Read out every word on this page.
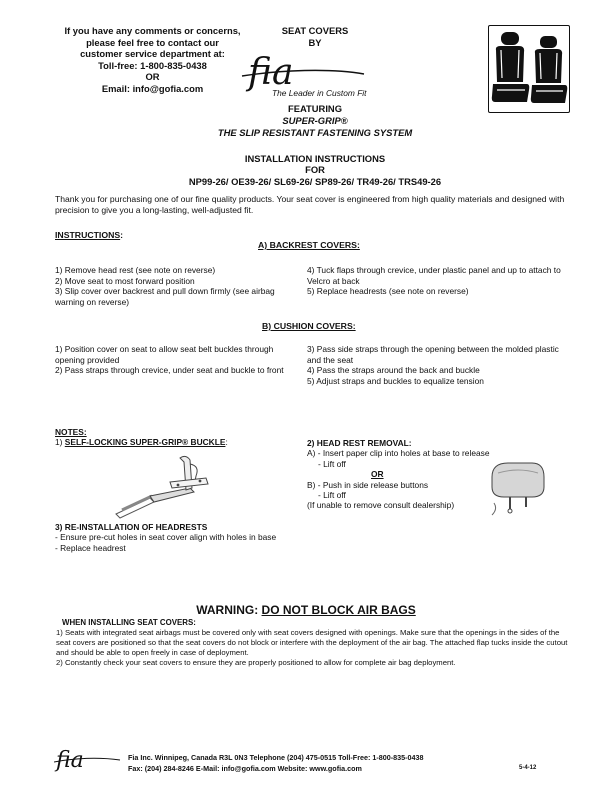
If you have any comments or concerns,
please feel free to contact our
customer service department at:
Toll-free: 1-800-835-0438
OR
Email: info@gofia.com
SEAT COVERS
BY
fia
The Leader in Custom Fit
FEATURING
SUPER-GRIP®
THE SLIP RESISTANT FASTENING SYSTEM
INSTALLATION INSTRUCTIONS
FOR
NP99-26/ OE39-26/ SL69-26/ SP89-26/ TR49-26/ TRS49-26
Thank you for purchasing one of our fine quality products. Your seat cover is engineered from high quality materials and designed with precision to give you a long-lasting, well-adjusted fit.
INSTRUCTIONS:
A) BACKREST COVERS:

1) Remove head rest (see note on reverse)

2) Move seat to most forward position

3) Slip cover over backrest and pull down firmly (see airbag warning on reverse)

4) Tuck flaps through crevice, under plastic panel and up to attach to Velcro at back

5) Replace headrests (see note on reverse)

B) CUSHION COVERS:

1) Position cover on seat to allow seat belt buckles through opening provided

2) Pass straps through crevice, under seat and buckle to front

3) Pass side straps through the opening between the molded plastic and the seat

4) Pass the straps around the back and buckle

5) Adjust straps and buckles to equalize tension

NOTES:

1) SELF-LOCKING SUPER-GRIP® BUCKLE:	2) HEAD REST REMOVAL:

A) - Insert paper clip into holes at base to release

- Lift off

OR

B) - Push in side release buttons

- Lift off

(If unable to remove consult dealership)

3) RE-INSTALLATION OF HEADRESTS

- Ensure pre-cut holes in seat cover align with holes in base

- Replace headrest

WARNING: DO NOT BLOCK AIR BAGS

WHEN INSTALLING SEAT COVERS:

1) Seats with integrated seat airbags must be covered only with seat covers designed with openings. Make sure that the openings in the sides of the seat covers are positioned so that the seat covers do not block or interfere with the deployment of the air bag. The attached flap tucks inside the cutout and should be able to open freely in case of deployment.

2) Constantly check your seat covers to ensure they are properly positioned to allow for complete air bag deployment.

fia	Fia Inc. Winnipeg, Canada R3L 0N3 Telephone (204) 475-0515 Toll-Free: 1-800-835-0438
Fax: (204) 284-8246 E-Mail: info@gofia.com Website: www.gofia.com	5-4-12
